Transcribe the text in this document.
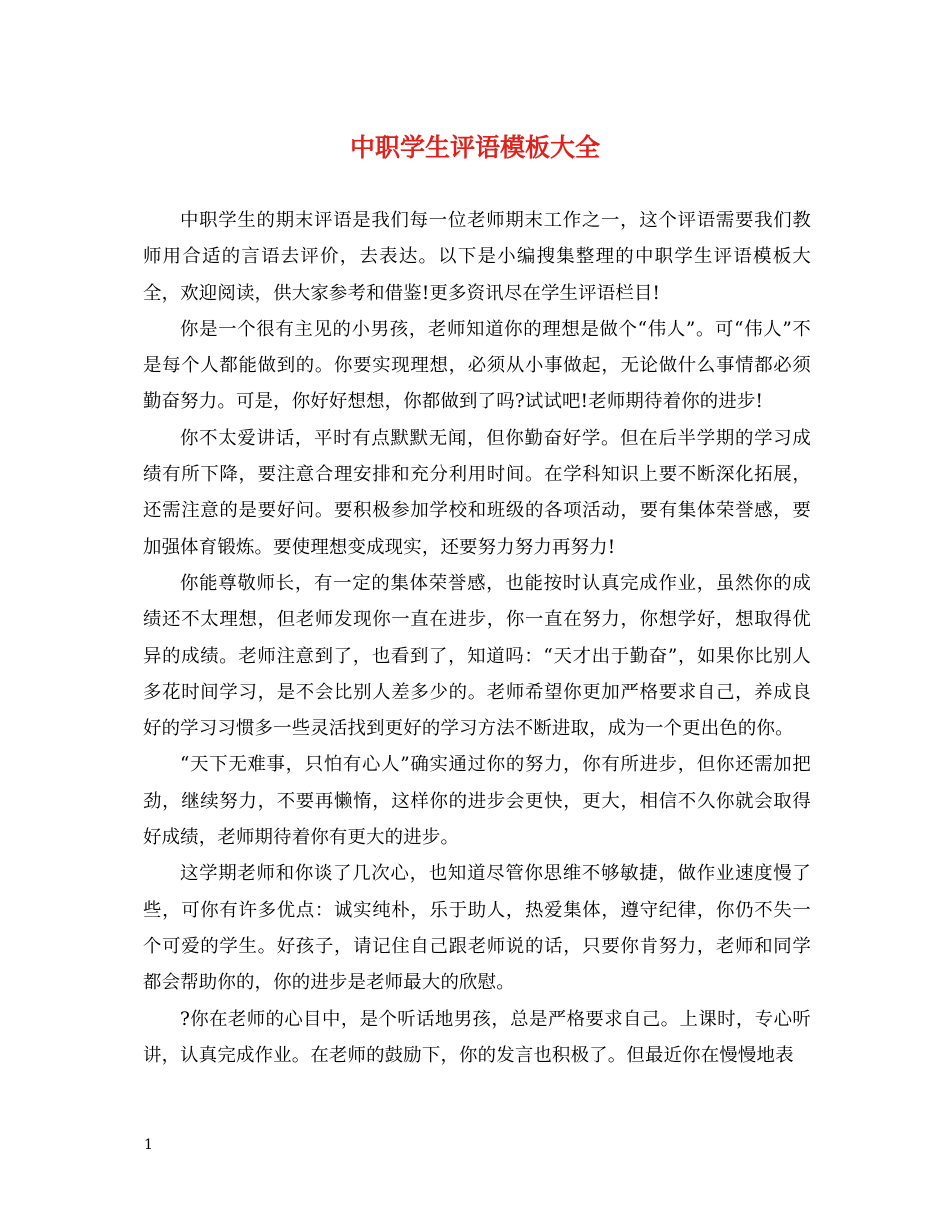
中职学生评语模板大全

中职学生的期末评语是我们每一位老师期末工作之一，这个评语需要我们教师用合适的言语去评价，去表达。以下是小编搜集整理的中职学生评语模板大全，欢迎阅读，供大家参考和借鉴!更多资讯尽在学生评语栏目!

你是一个很有主见的小男孩，老师知道你的理想是做个“伟人”。可“伟人”不是每个人都能做到的。你要实现理想，必须从小事做起，无论做什么事情都必须勤奋努力。可是，你好好想想，你都做到了吗?试试吧!老师期待着你的进步!

你不太爱讲话，平时有点默默无闻，但你勤奋好学。但在后半学期的学习成绩有所下降，要注意合理安排和充分利用时间。在学科知识上要不断深化拓展，还需注意的是要好问。要积极参加学校和班级的各项活动，要有集体荣誉感，要加强体育锻炼。要使理想变成现实，还要努力努力再努力!

你能尊敬师长，有一定的集体荣誉感，也能按时认真完成作业，虽然你的成绩还不太理想，但老师发现你一直在进步，你一直在努力，你想学好，想取得优异的成绩。老师注意到了，也看到了，知道吗：“天才出于勤奋”，如果你比别人多花时间学习，是不会比别人差多少的。老师希望你更加严格要求自己，养成良好的学习习惯多一些灵活找到更好的学习方法不断进取，成为一个更出色的你。

“天下无难事，只怕有心人”确实通过你的努力，你有所进步，但你还需加把劲，继续努力，不要再懒惰，这样你的进步会更快，更大，相信不久你就会取得好成绩，老师期待着你有更大的进步。

这学期老师和你谈了几次心，也知道尽管你思维不够敏捷，做作业速度慢了些，可你有许多优点：诚实纯朴，乐于助人，热爱集体，遵守纪律，你仍不失一个可爱的学生。好孩子，请记住自己跟老师说的话，只要你肯努力，老师和同学都会帮助你的，你的进步是老师最大的欣慰。

?你在老师的心目中，是个听话地男孩，总是严格要求自己。上课时，专心听讲，认真完成作业。在老师的鼓励下，你的发言也积极了。但最近你在慢慢地表

1
